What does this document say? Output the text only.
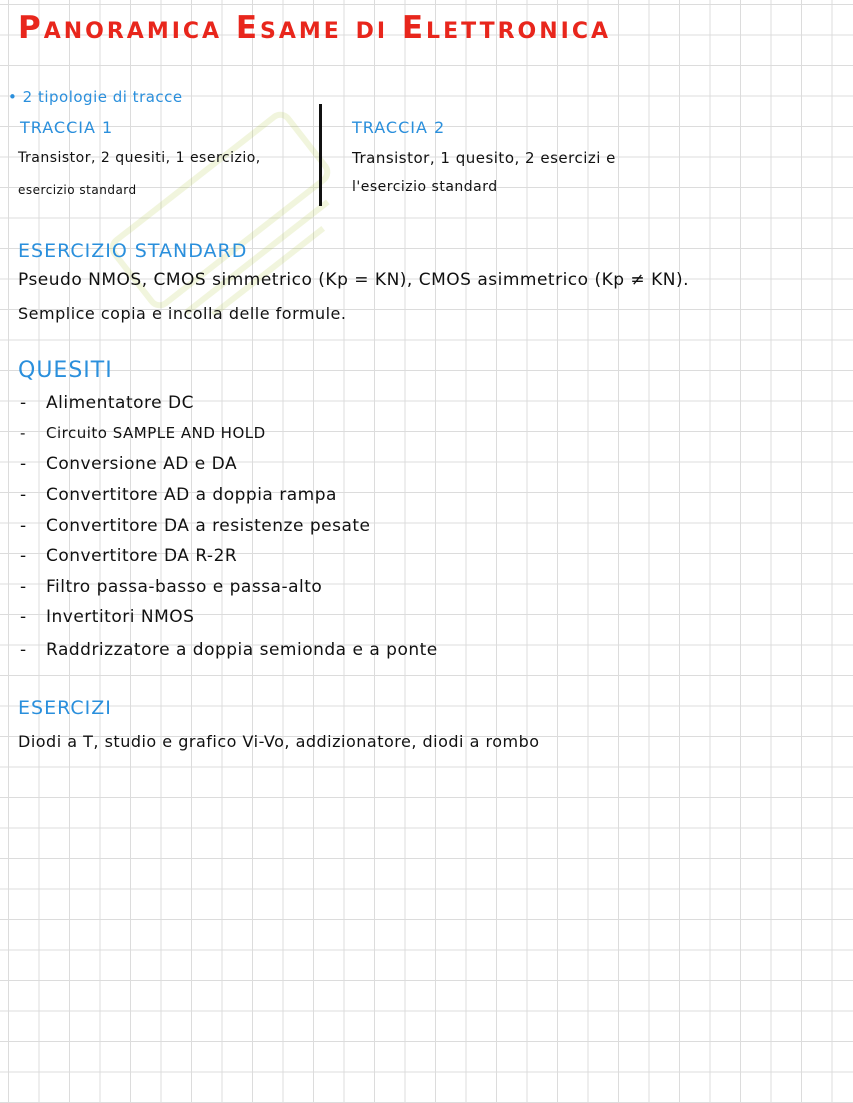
Panoramica Esame di Elettronica
• 2 tipologie di tracce
TRACCIA 1
Transistor, 2 quesiti, 1 esercizio,
esercizio standard
TRACCIA 2
Transistor, 1 quesito, 2 esercizi e
l'esercizio standard
ESERCIZIO STANDARD
Pseudo NMOS, CMOS simmetrico (Kp = KN), CMOS asimmetrico (Kp ≠ KN).
Semplice copia e incolla delle formule.
QUESITI
- Alimentatore DC
- Circuito SAMPLE AND HOLD
- Conversione AD e DA
- Convertitore AD a doppia rampa
- Convertitore DA a resistenze pesate
- Convertitore DA R-2R
- Filtro passa-basso e passa-alto
- Invertitori NMOS
- Raddrizzatore a doppia semionda e a ponte
ESERCIZI
Diodi a T, studio e grafico Vi-Vo, addizionatore, diodi a rombo
